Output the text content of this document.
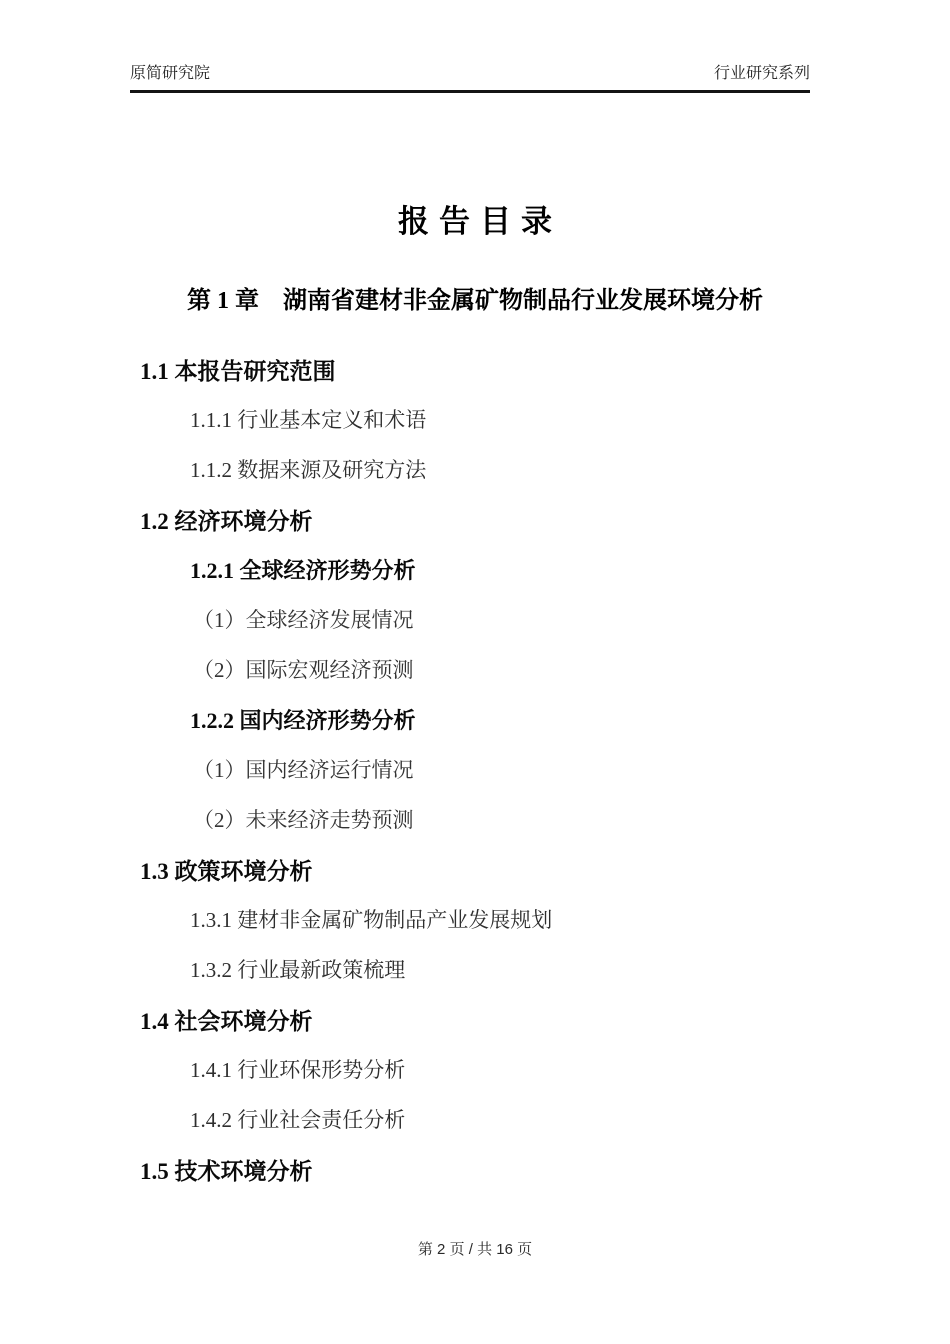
原简研究院	行业研究系列
报告目录
第 1 章　湖南省建材非金属矿物制品行业发展环境分析
1.1 本报告研究范围
1.1.1 行业基本定义和术语
1.1.2 数据来源及研究方法
1.2 经济环境分析
1.2.1 全球经济形势分析
（1）全球经济发展情况
（2）国际宏观经济预测
1.2.2 国内经济形势分析
（1）国内经济运行情况
（2）未来经济走势预测
1.3 政策环境分析
1.3.1 建材非金属矿物制品产业发展规划
1.3.2 行业最新政策梳理
1.4 社会环境分析
1.4.1 行业环保形势分析
1.4.2 行业社会责任分析
1.5 技术环境分析
第 2 页 / 共 16 页
